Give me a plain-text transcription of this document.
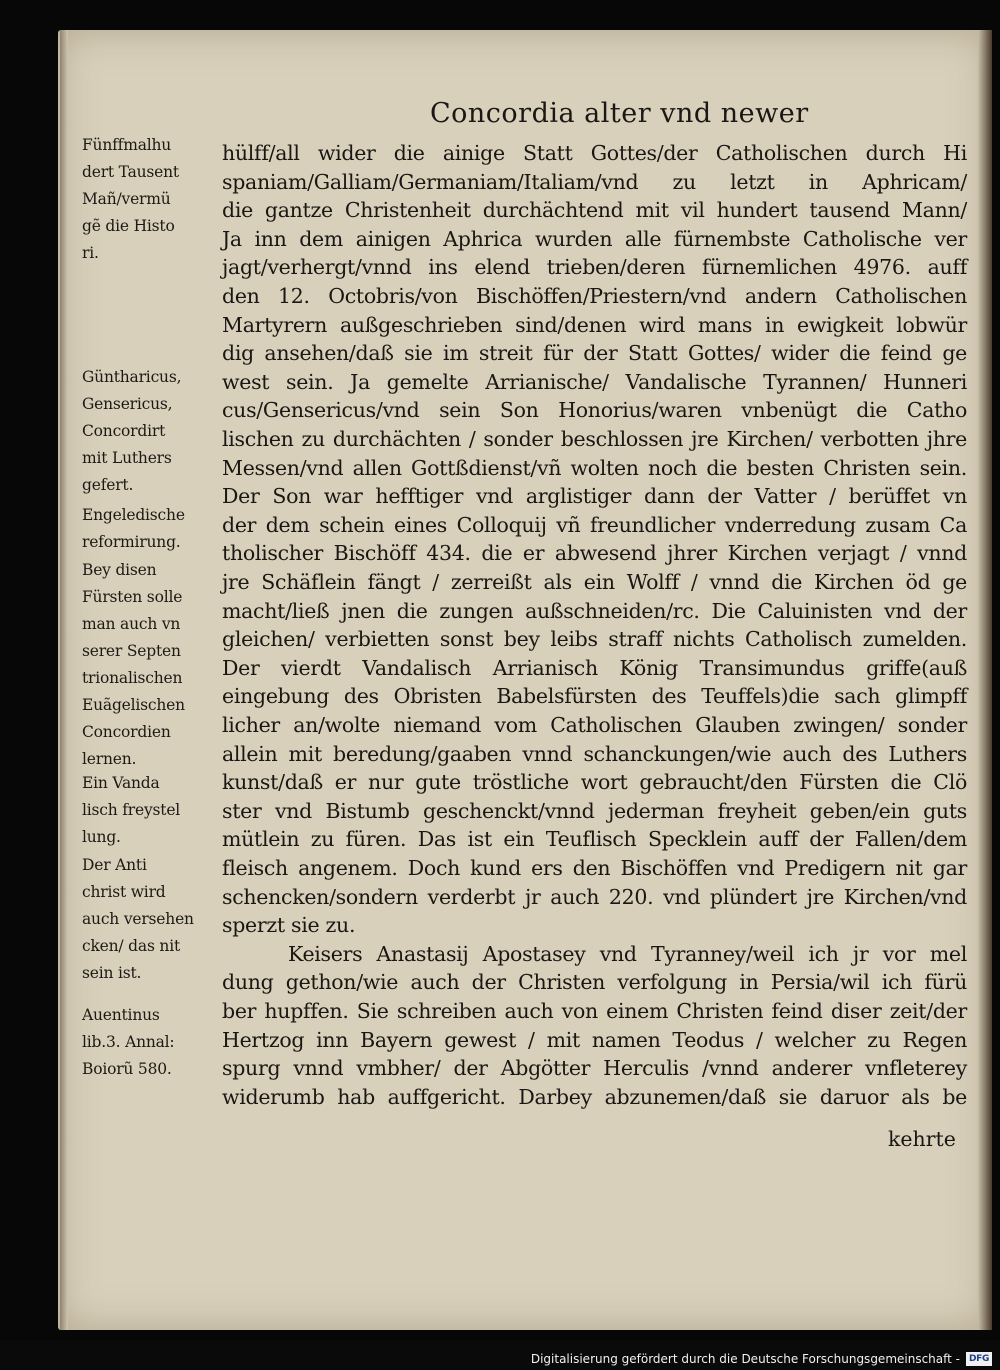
Concordia alter vnd newer
Fünffmalhu
dert Tausent
Mañ/vermü
gẽ die Histo
ri.
Güntharicus,
Gensericus,
Concordirt
mit Luthers
gefert.
Engeledische
reformirung.
Bey disen
Fürsten solle
man auch vn
serer Septen
trionalischen
Euãgelischen
Concordien
lernen.
Ein Vanda
lisch freystel
lung.
Der Anti
christ wird
auch versehen
cken/ das nit
sein ist.
Auentinus
lib.3. Annal:
Boiorũ 580.
hülff/all wider die ainige Statt Gottes/der Catholischen durch Hi
spaniam/Galliam/Germaniam/Italiam/vnd zu letzt in Aphricam/
die gantze Christenheit durchächtend mit vil hundert tausend Mann/
Ja inn dem ainigen Aphrica wurden alle fürnembste Catholische ver
jagt/verhergt/vnnd ins elend trieben/deren fürnemlichen 4976. auff
den 12. Octobris/von Bischöffen/Priestern/vnd andern Catholischen
Martyrern außgeschrieben sind/denen wird mans in ewigkeit lobwür
dig ansehen/daß sie im streit für der Statt Gottes/ wider die feind ge
west sein. Ja gemelte Arrianische/ Vandalische Tyrannen/ Hunneri
cus/Gensericus/vnd sein Son Honorius/waren vnbenügt die Catho
lischen zu durchächten / sonder beschlossen jre Kirchen/ verbotten jhre
Messen/vnd allen Gottßdienst/vñ wolten noch die besten Christen sein.
Der Son war hefftiger vnd arglistiger dann der Vatter / berüffet vn
der dem schein eines Colloquij vñ freundlicher vnderredung zusam Ca
tholischer Bischöff 434. die er abwesend jhrer Kirchen verjagt / vnnd
jre Schäflein fängt / zerreißt als ein Wolff / vnnd die Kirchen öd ge
macht/ließ jnen die zungen außschneiden/rc. Die Caluinisten vnd der
gleichen/ verbietten sonst bey leibs straff nichts Catholisch zumelden.
Der vierdt Vandalisch Arrianisch König Transimundus griffe(auß
eingebung des Obristen Babelsfürsten des Teuffels)die sach glimpff
licher an/wolte niemand vom Catholischen Glauben zwingen/ sonder
allein mit beredung/gaaben vnnd schanckungen/wie auch des Luthers
kunst/daß er nur gute tröstliche wort gebraucht/den Fürsten die Clö
ster vnd Bistumb geschenckt/vnnd jederman freyheit geben/ein guts
mütlein zu füren. Das ist ein Teuflisch Specklein auff der Fallen/dem
fleisch angenem. Doch kund ers den Bischöffen vnd Predigern nit gar
schencken/sondern verderbt jr auch 220. vnd plündert jre Kirchen/vnd
sperzt sie zu.
Keisers Anastasij Apostasey vnd Tyranney/weil ich jr vor mel
dung gethon/wie auch der Christen verfolgung in Persia/wil ich fürü
ber hupffen. Sie schreiben auch von einem Christen feind diser zeit/der
Hertzog inn Bayern gewest / mit namen Teodus / welcher zu Regen
spurg vnnd vmbher/ der Abgötter Herculis /vnnd anderer vnfleterey
widerumb hab auffgericht. Darbey abzunemen/daß sie daruor als be
kehrte
Digitalisierung gefördert durch die Deutsche Forschungsgemeinschaft - DFG
